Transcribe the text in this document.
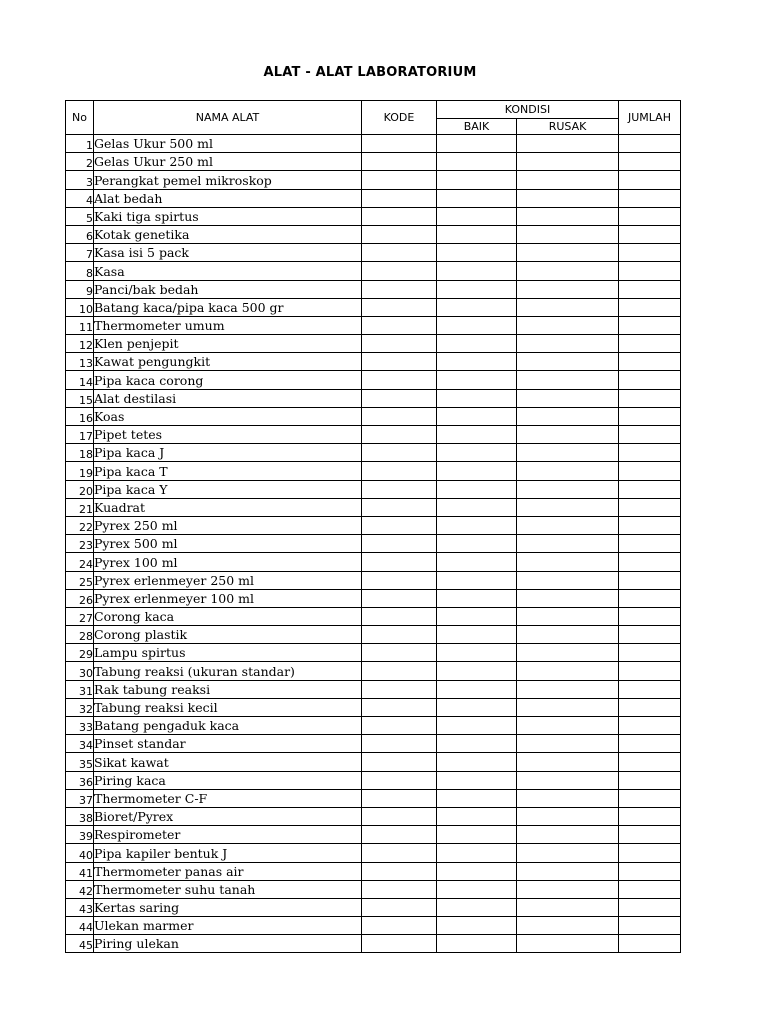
ALAT - ALAT LABORATORIUM
No	NAMA ALAT	KODE	KONDISI		JUMLAH
			BAIK	RUSAK	
1	Gelas Ukur 500 ml				
2	Gelas Ukur 250 ml				
3	Perangkat pemel mikroskop				
4	Alat bedah				
5	Kaki tiga spirtus				
6	Kotak genetika				
7	Kasa isi 5 pack				
8	Kasa				
9	Panci/bak bedah				
10	Batang kaca/pipa kaca 500 gr				
11	Thermometer umum				
12	Klen penjepit				
13	Kawat pengungkit				
14	Pipa kaca corong				
15	Alat destilasi				
16	Koas				
17	Pipet tetes				
18	Pipa kaca J				
19	Pipa kaca T				
20	Pipa kaca Y				
21	Kuadrat				
22	Pyrex 250 ml				
23	Pyrex 500 ml				
24	Pyrex 100 ml				
25	Pyrex erlenmeyer 250 ml				
26	Pyrex erlenmeyer 100 ml				
27	Corong kaca				
28	Corong plastik				
29	Lampu spirtus				
30	Tabung reaksi (ukuran standar)				
31	Rak tabung reaksi				
32	Tabung reaksi kecil				
33	Batang pengaduk kaca				
34	Pinset standar				
35	Sikat kawat				
36	Piring kaca				
37	Thermometer C-F				
38	Bioret/Pyrex				
39	Respirometer				
40	Pipa kapiler bentuk J				
41	Thermometer panas air				
42	Thermometer suhu tanah				
43	Kertas saring				
44	Ulekan marmer				
45	Piring ulekan				
